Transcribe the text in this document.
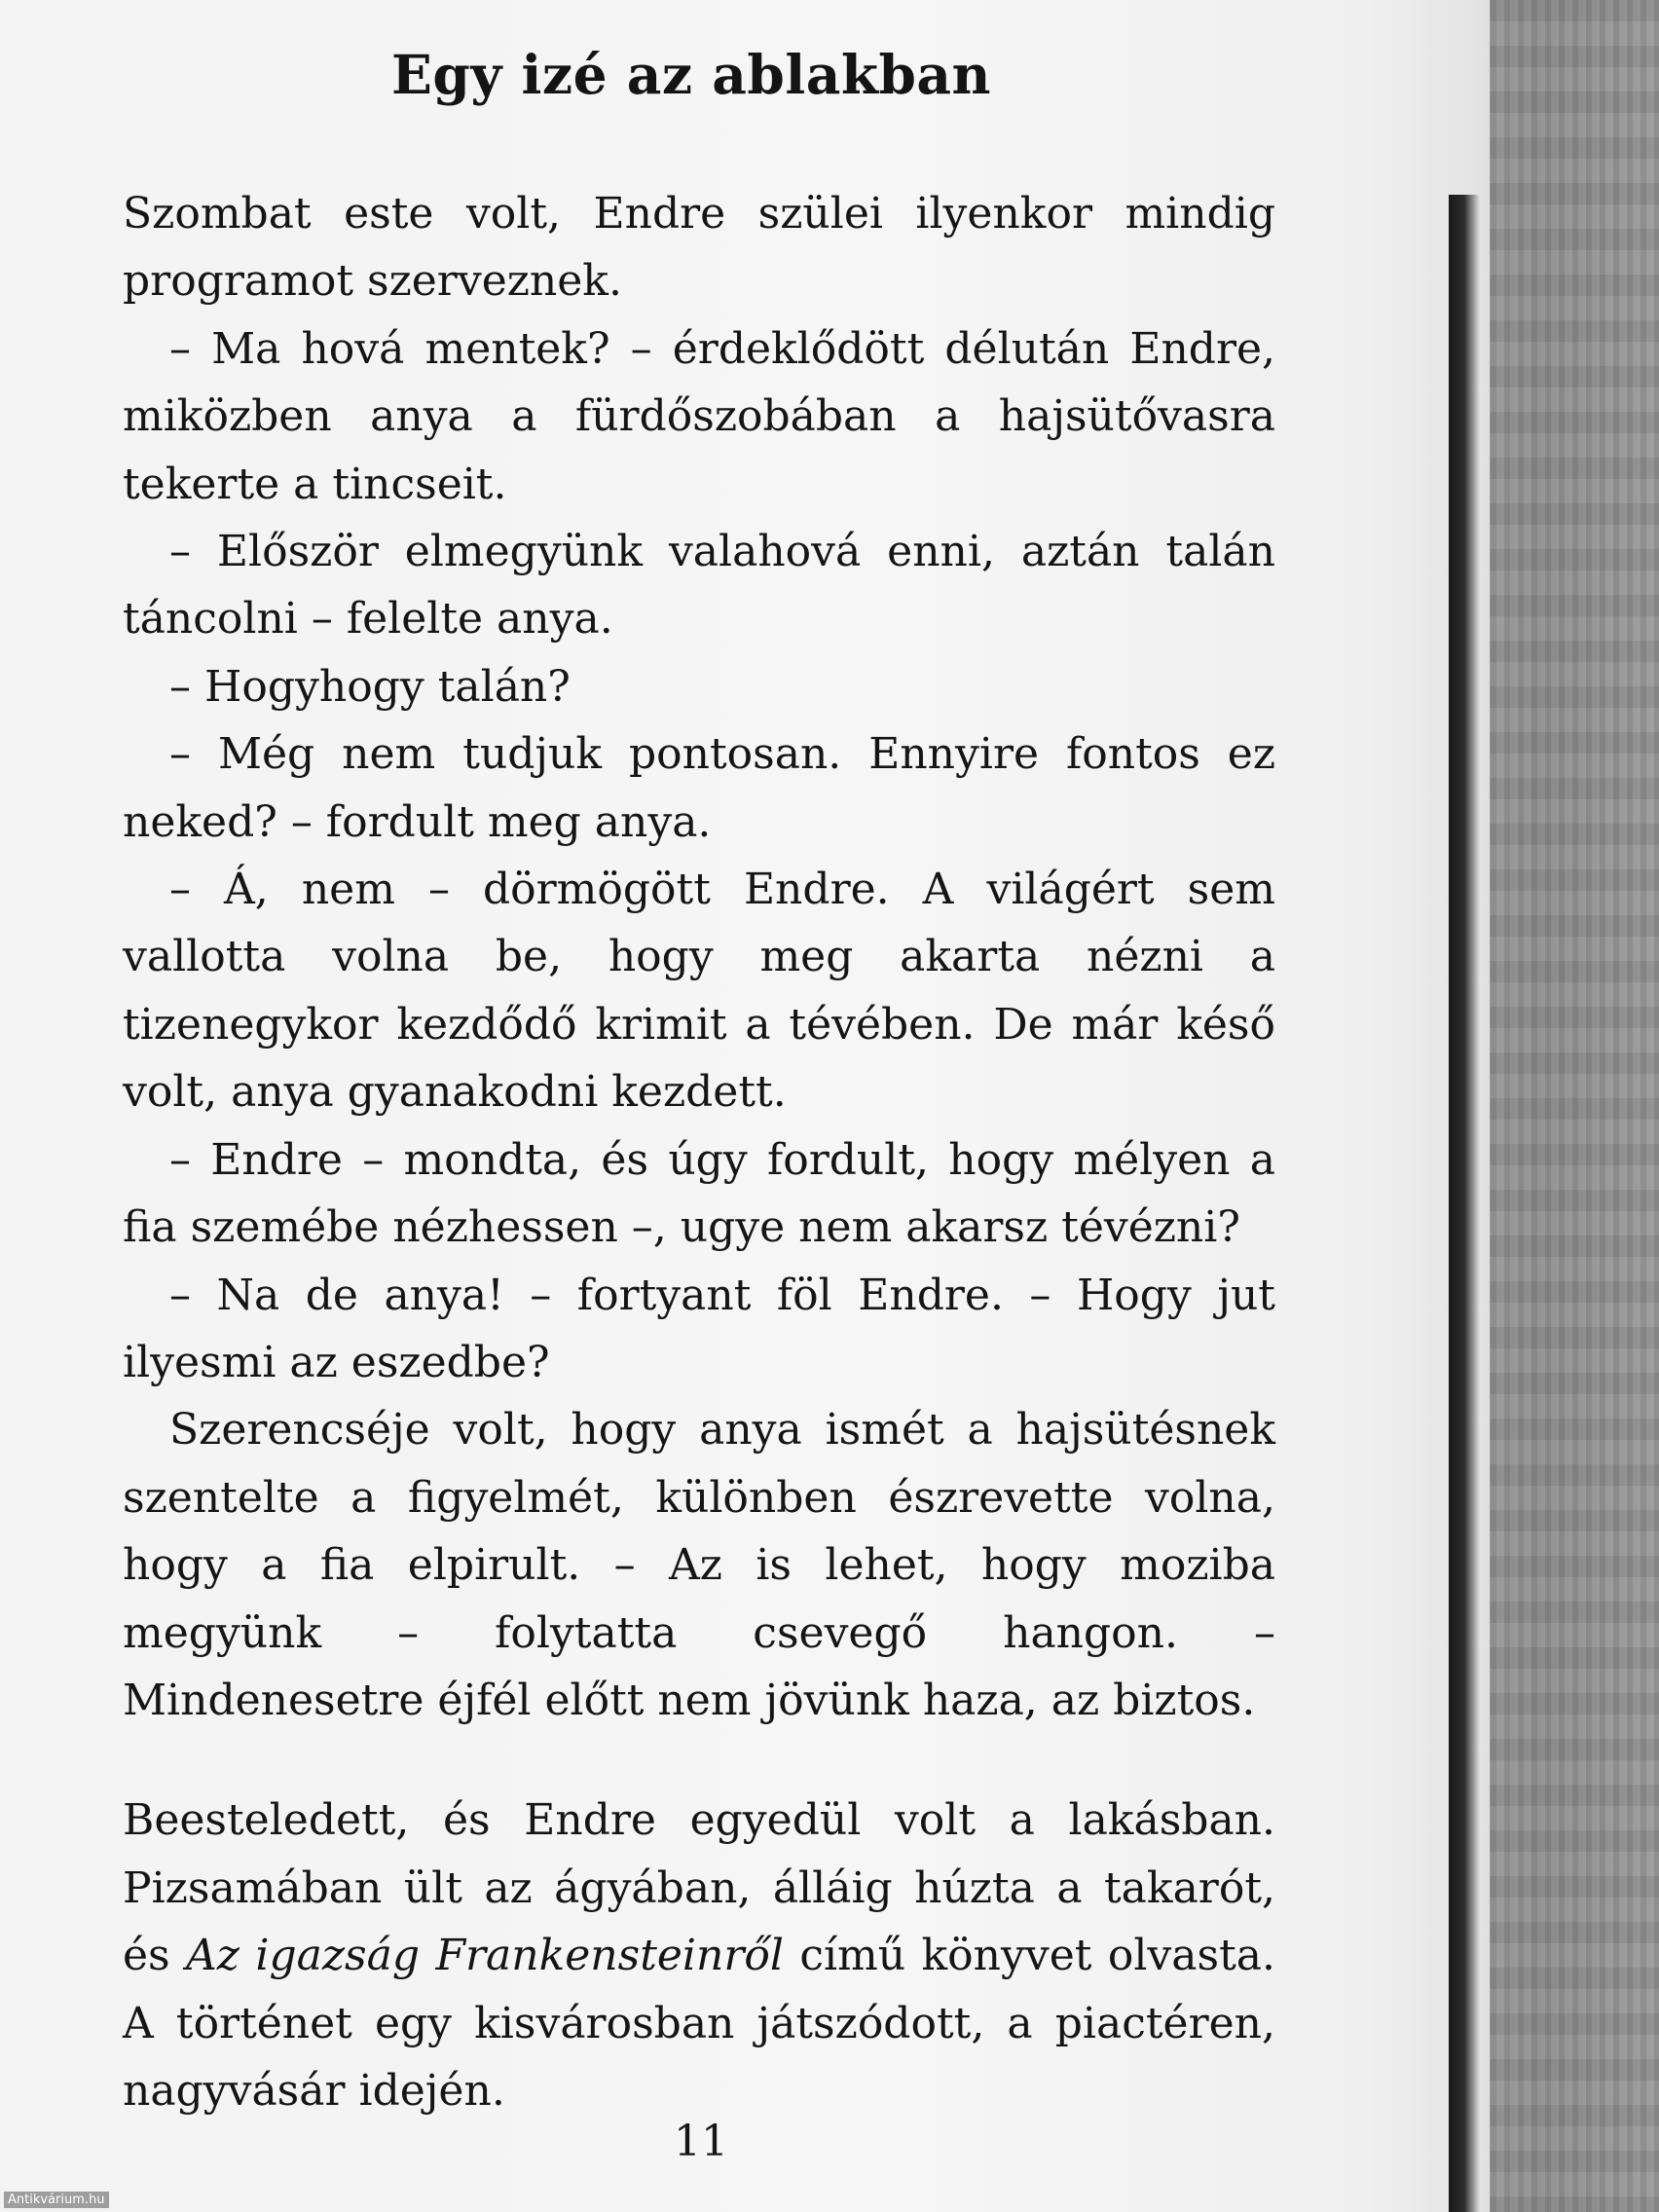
Egy izé az ablakban

Szombat este volt, Endre szülei ilyenkor mindig programot szerveznek.

– Ma hová mentek? – érdeklődött délután Endre, miközben anya a fürdőszobában a hajsütővasra tekerte a tincseit.

– Először elmegyünk valahová enni, aztán talán táncolni – felelte anya.

– Hogyhogy talán?

– Még nem tudjuk pontosan. Ennyire fontos ez neked? – fordult meg anya.

– Á, nem – dörmögött Endre. A világért sem vallotta volna be, hogy meg akarta nézni a tizenegykor kezdődő krimit a tévében. De már késő volt, anya gyanakodni kezdett.

– Endre – mondta, és úgy fordult, hogy mélyen a fia szemébe nézhessen –, ugye nem akarsz tévézni?

– Na de anya! – fortyant föl Endre. – Hogy jut ilyesmi az eszedbe?

Szerencséje volt, hogy anya ismét a hajsütésnek szentelte a figyelmét, különben észrevette volna, hogy a fia elpirult. – Az is lehet, hogy moziba megyünk – folytatta csevegő hangon. – Mindenesetre éjfél előtt nem jövünk haza, az biztos.

Beesteledett, és Endre egyedül volt a lakásban. Pizsamában ült az ágyában, álláig húzta a takarót, és Az igazság Frankensteinről című könyvet olvasta. A történet egy kisvárosban játszódott, a piactéren, nagyvásár idején.

11
Antikvárium.hu
